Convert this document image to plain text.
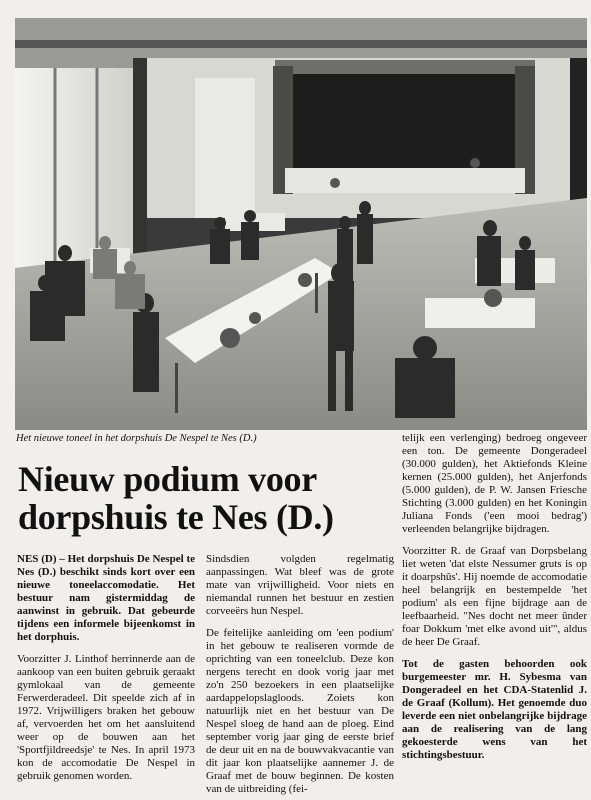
Het nieuwe toneel in het dorpshuis De Nespel te Nes (D.)
Nieuw podium voor dorpshuis te Nes (D.)

NES (D) – Het dorpshuis De Nespel te Nes (D.) beschikt sinds kort over een nieuwe toneelaccomodatie. Het bestuur nam gistermiddag de aanwinst in gebruik. Dat gebeurde tijdens een informele bijeenkomst in het dorphuis.

Voorzitter J. Linthof herrinnerde aan de aankoop van een buiten gebruik geraakt gymlokaal van de gemeente Ferwerderadeel. Dit speelde zich af in 1972. Vrijwilligers braken het gebouw af, vervoerden het om het aansluitend weer op de bouwen aan het 'Sportfjildreedsje' te Nes. In april 1973 kon de accomodatie De Nespel in gebruik genomen worden.

Sindsdien volgden regelmatig aanpassingen. Wat bleef was de grote mate van vrijwilligheid. Voor niets en niemandal runnen het bestuur en zestien corveeërs hun Nespel.

De feitelijke aanleiding om 'een podium' in het gebouw te realiseren vormde de oprichting van een toneelclub. Deze kon nergens terecht en dook vorig jaar met zo'n 250 bezoekers in een plaatselijke aardappelopslagloods. Zoiets kon natuurlijk niet en het bestuur van De Nespel sloeg de hand aan de ploeg. Eind september vorig jaar ging de eerste brief de deur uit en na de bouwvakvacantie van dit jaar kon plaatselijke aannemer J. de Graaf met de bouw beginnen. De kosten van de uitbreiding (fei-

telijk een verlenging) bedroeg ongeveer een ton. De gemeente Dongeradeel (30.000 gulden), het Aktiefonds Kleine kernen (25.000 gulden), het Anjerfonds (5.000 gulden), de P. W. Jansen Friesche Stichting (3.000 gulden) en het Koningin Juliana Fonds ('een mooi bedrag') verleenden belangrijke bijdragen.

Voorzitter R. de Graaf van Dorpsbelang liet weten 'dat elste Nessumer gruts is op it doarpshûs'. Hij noemde de accomodatie heel belangrijk en bestempelde 'het podium' als een fijne bijdrage aan de leefbaarheid. "Nes docht net meer ûnder foar Dokkum 'met elke avond uit'", aldus de heer De Graaf.

Tot de gasten behoorden ook burgemeester mr. H. Sybesma van Dongeradeel en het CDA-Statenlid J. de Graaf (Kollum). Het genoemde duo leverde een niet onbelangrijke bijdrage aan de realisering van de lang gekoesterde wens van het stichtingsbestuur.
